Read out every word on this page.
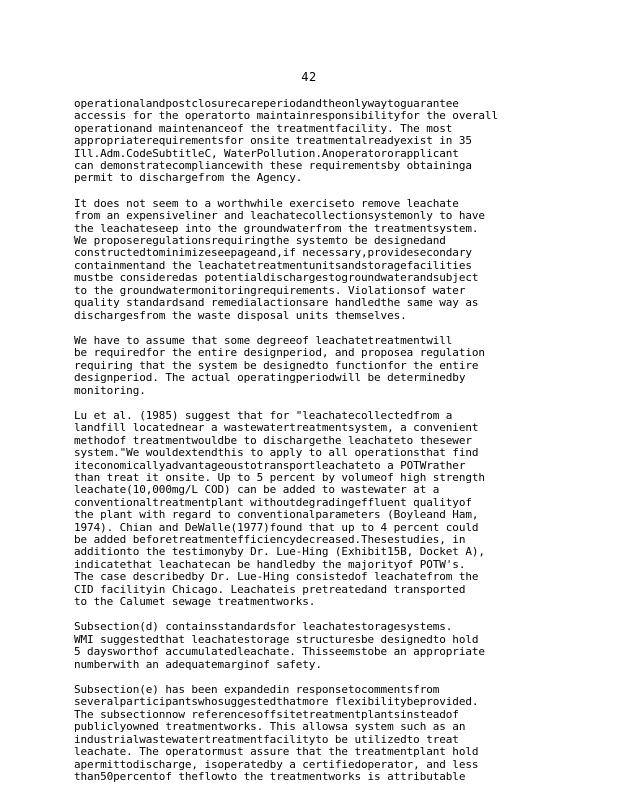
42
operationalandpostclosurecareperiodandtheonlywaytoguarantee
accessis for the operatorto maintainresponsibilityfor the overall
operationand maintenanceof the treatmentfacility. The most
appropriaterequirementsfor onsite treatmentalreadyexist in 35
Ill.Adm.CodeSubtitleC, WaterPollution.Anoperatororapplicant
can demonstratecompliancewith these requirementsby obtaininga
permit to dischargefrom the Agency.
It does not seem to a worthwhile exerciseto remove leachate
from an expensiveliner and leachatecollectionsystemonly to have
the leachateseep into the groundwaterfrom the treatmentsystem.
We proposeregulationsrequiringthe systemto be designedand
constructedtominimizeseepageand,if necessary,providesecondary
containmentand the leachatetreatmentunitsandstoragefacilities
mustbe consideredas potentialdischargestogroundwaterandsubject
to the groundwatermonitoringrequirements. Violationsof water
quality standardsand remedialactionsare handledthe same way as
dischargesfrom the waste disposal units themselves.
We have to assume that some degreeof leachatetreatmentwill
be requiredfor the entire designperiod, and proposea regulation
requiring that the system be designedto functionfor the entire
designperiod. The actual operatingperiodwill be determinedby
monitoring.
Lu et al. (1985) suggest that for "leachatecollectedfrom a
landfill locatednear a wastewatertreatmentsystem, a convenient
methodof treatmentwouldbe to dischargethe leachateto thesewer
system."We wouldextendthis to apply to all operationsthat find
iteconomicallyadvantageoustotransportleachateto a POTWrather
than treat it onsite. Up to 5 percent by volumeof high strength
leachate(10,000mg/L COD) can be added to wastewater at a
conventionaltreatmentplant withoutdegradingeffluent qualityof
the plant with regard to conventionalparameters (Boyleand Ham,
1974). Chian and DeWalle(1977)found that up to 4 percent could
be added beforetreatmentefficiencydecreased.Thesestudies, in
additionto the testimonyby Dr. Lue-Hing (Exhibit15B, Docket A),
indicatethat leachatecan be handledby the majorityof POTW's.
The case describedby Dr. Lue-Hing consistedof leachatefrom the
CID facilityin Chicago. Leachateis pretreatedand transported
to the Calumet sewage treatmentworks.
Subsection(d) containsstandardsfor leachatestoragesystems.
WMI suggestedthat leachatestorage structuresbe designedto hold
5 daysworthof accumulatedleachate. Thisseemstobe an appropriate
numberwith an adequatemarginof safety.
Subsection(e) has been expandedin responsetocommentsfrom
severalparticipantswhosuggestedthatmore flexibilitybeprovided.
The subsectionnow referencesoffsitetreatmentplantsinsteadof
publiclyowned treatmentworks. This allowsa system such as an
industrialwastewatertreatmentfacilityto be utilizedto treat
leachate. The operatormust assure that the treatmentplant hold
apermittodischarge, isoperatedby a certifiedoperator, and less
than50percentof theflowto the treatmentworks is attributable
